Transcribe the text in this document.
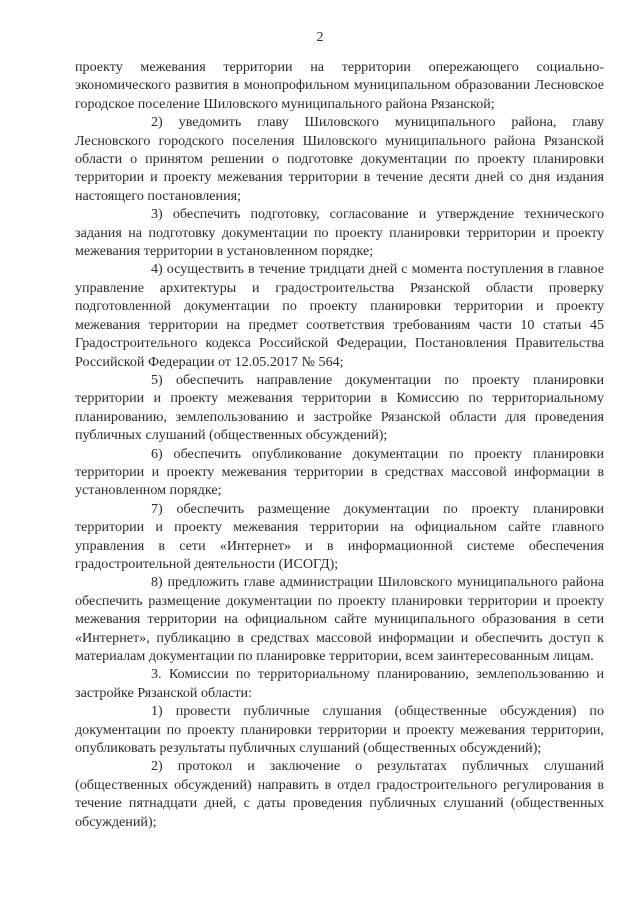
2

проекту межевания территории на территории опережающего социально-экономического развития в монопрофильном муниципальном образовании Лесновское городское поселение Шиловского муниципального района Рязанской;

2) уведомить главу Шиловского муниципального района, главу Лесновского городского поселения Шиловского муниципального района Рязанской области о принятом решении о подготовке документации по проекту планировки территории и проекту межевания территории в течение десяти дней со дня издания настоящего постановления;

3) обеспечить подготовку, согласование и утверждение технического задания на подготовку документации по проекту планировки территории и проекту межевания территории в установленном порядке;

4) осуществить в течение тридцати дней с момента поступления в главное управление архитектуры и градостроительства Рязанской области проверку подготовленной документации по проекту планировки территории и проекту межевания территории на предмет соответствия требованиям части 10 статьи 45 Градостроительного кодекса Российской Федерации, Постановления Правительства Российской Федерации от 12.05.2017 № 564;

5) обеспечить направление документации по проекту планировки территории и проекту межевания территории в Комиссию по территориальному планированию, землепользованию и застройке Рязанской области для проведения публичных слушаний (общественных обсуждений);

6) обеспечить опубликование документации по проекту планировки территории и проекту межевания территории в средствах массовой информации в установленном порядке;

7) обеспечить размещение документации по проекту планировки территории и проекту межевания территории на официальном сайте главного управления в сети «Интернет» и в информационной системе обеспечения градостроительной деятельности (ИСОГД);

8) предложить главе администрации Шиловского муниципального района обеспечить размещение документации по проекту планировки территории и проекту межевания территории на официальном сайте муниципального образования в сети «Интернет», публикацию в средствах массовой информации и обеспечить доступ к материалам документации по планировке территории, всем заинтересованным лицам.

3. Комиссии по территориальному планированию, землепользованию и застройке Рязанской области:

1) провести публичные слушания (общественные обсуждения) по документации по проекту планировки территории и проекту межевания территории, опубликовать результаты публичных слушаний (общественных обсуждений);

2) протокол и заключение о результатах публичных слушаний (общественных обсуждений) направить в отдел градостроительного регулирования в течение пятнадцати дней, с даты проведения публичных слушаний (общественных обсуждений);
